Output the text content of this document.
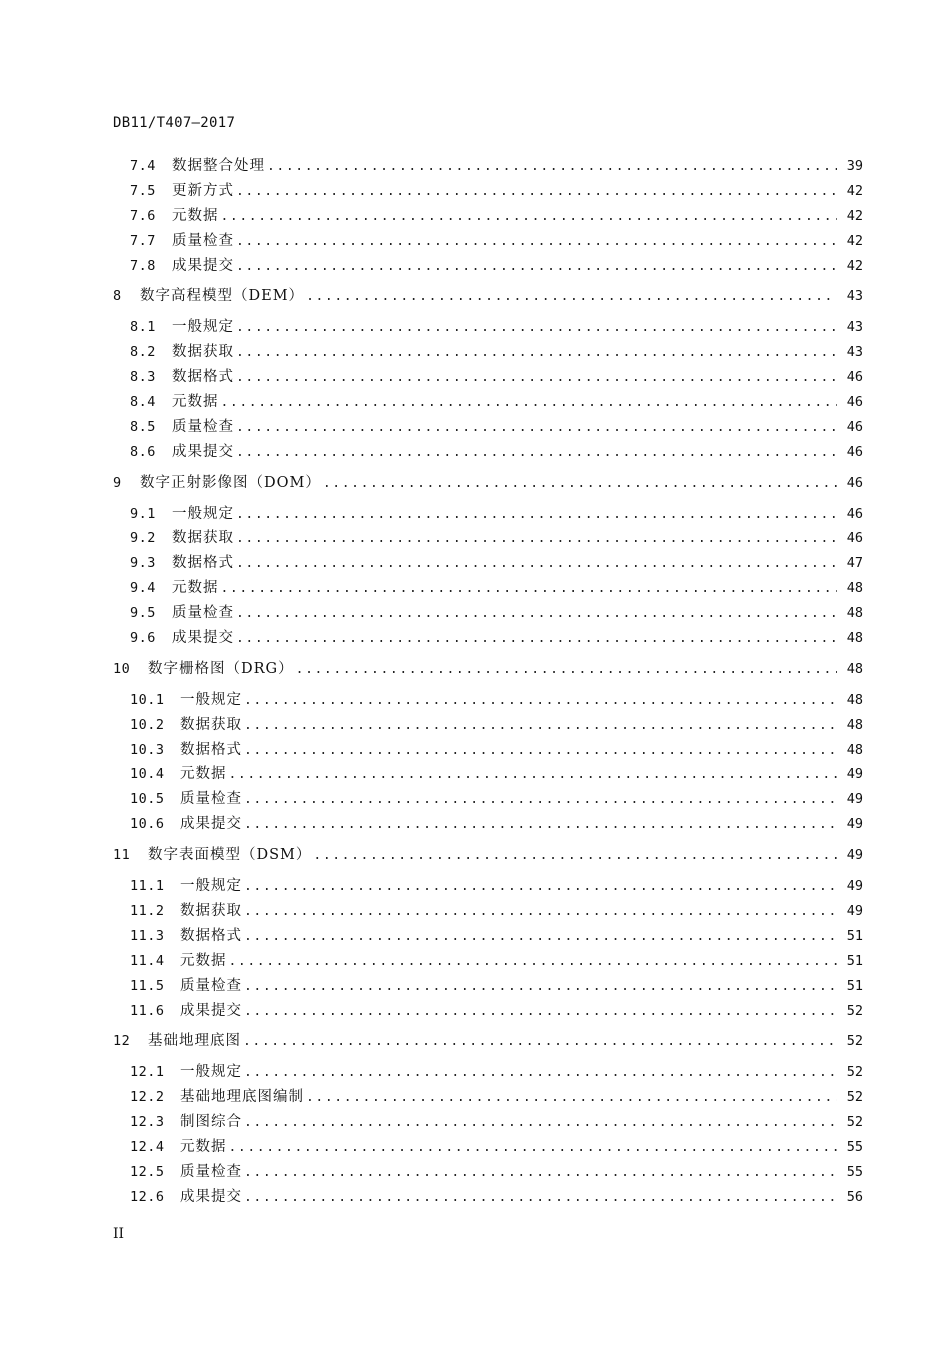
DB11/T407—2017
7.4	数据整合处理 .....	39
7.5	更新方式 .....	42
7.6	元数据 .....	42
7.7	质量检查 .....	42
7.8	成果提交 .....	42
8	数字高程模型（DEM） .....	43
8.1	一般规定 .....	43
8.2	数据获取 .....	43
8.3	数据格式 .....	46
8.4	元数据 .....	46
8.5	质量检查 .....	46
8.6	成果提交 .....	46
9	数字正射影像图（DOM） .....	46
9.1	一般规定 .....	46
9.2	数据获取 .....	46
9.3	数据格式 .....	47
9.4	元数据 .....	48
9.5	质量检查 .....	48
9.6	成果提交 .....	48
10	数字栅格图（DRG） .....	48
10.1	一般规定 .....	48
10.2	数据获取 .....	48
10.3	数据格式 .....	48
10.4	元数据 .....	49
10.5	质量检查 .....	49
10.6	成果提交 .....	49
11	数字表面模型（DSM） .....	49
11.1	一般规定 .....	49
11.2	数据获取 .....	49
11.3	数据格式 .....	51
11.4	元数据 .....	51
11.5	质量检查 .....	51
11.6	成果提交 .....	52
12	基础地理底图 .....	52
12.1	一般规定 .....	52
12.2	基础地理底图编制 .....	52
12.3	制图综合 .....	52
12.4	元数据 .....	55
12.5	质量检查 .....	55
12.6	成果提交 .....	56
II
